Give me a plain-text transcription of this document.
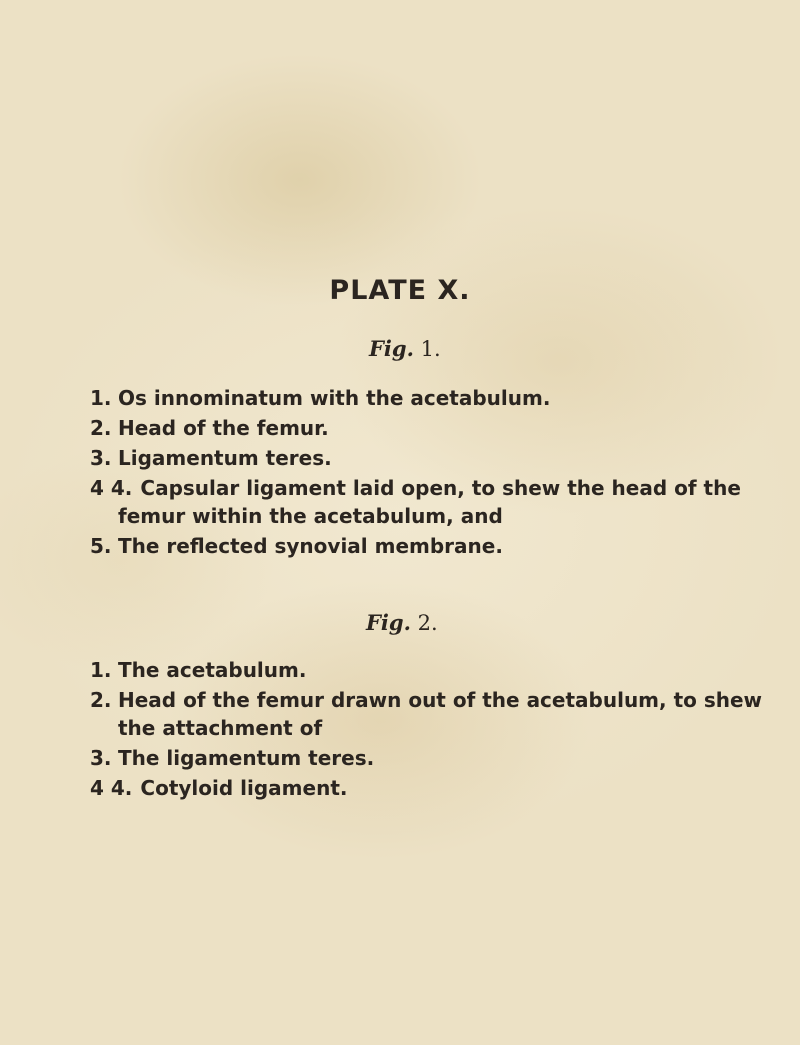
PLATE X.
Fig. 1.
1. Os innominatum with the acetabulum.
2. Head of the femur.
3. Ligamentum teres.
4 4. Capsular ligament laid open, to shew the head of the
femur within the acetabulum, and
5. The reflected synovial membrane.
Fig. 2.
1. The acetabulum.
2. Head of the femur drawn out of the acetabulum, to shew
the attachment of
3. The ligamentum teres.
4 4. Cotyloid ligament.
